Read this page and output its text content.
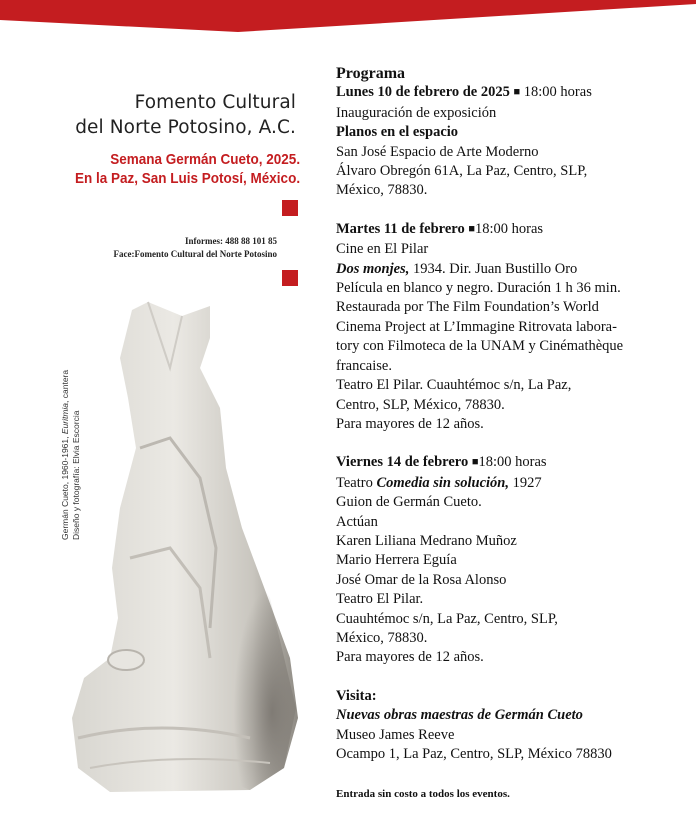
Fomento Cultural
del Norte Potosino, A.C.
Semana Germán Cueto, 2025.
En la Paz, San Luis Potosí, México.
Informes: 488 88 101 85
Face:Fomento Cultural del Norte Potosino
Germán Cueto, 1960-1961, Euritmia, cantera
Diseño y fotografía: Elvia Escorcia
Programa
Lunes 10 de febrero de 2025 ■ 18:00 horas
Inauguración de exposición
Planos en el espacio
San José Espacio de Arte Moderno
Álvaro Obregón 61A, La Paz, Centro, SLP,
México, 78830.
Martes 11 de febrero ■18:00 horas
Cine en El Pilar
Dos monjes, 1934. Dir. Juan Bustillo Oro
Película en blanco y negro. Duración 1 h 36 min.
Restaurada por The Film Foundation’s World
Cinema Project at L’Immagine Ritrovata labora-
tory con Filmoteca de la UNAM y Cinémathèque
francaise.
Teatro El Pilar. Cuauhtémoc s/n, La Paz,
Centro, SLP, México, 78830.
Para mayores de 12 años.
Viernes 14 de febrero ■18:00 horas
Teatro Comedia sin solución, 1927
Guion de Germán Cueto.
Actúan
Karen Liliana Medrano Muñoz
Mario Herrera Eguía
José Omar de la Rosa Alonso
Teatro El Pilar.
Cuauhtémoc s/n, La Paz, Centro, SLP,
México, 78830.
Para mayores de 12 años.
Visita:
Nuevas obras maestras de Germán Cueto
Museo James Reeve
Ocampo 1, La Paz, Centro, SLP, México 78830
Entrada sin costo a todos los eventos.
